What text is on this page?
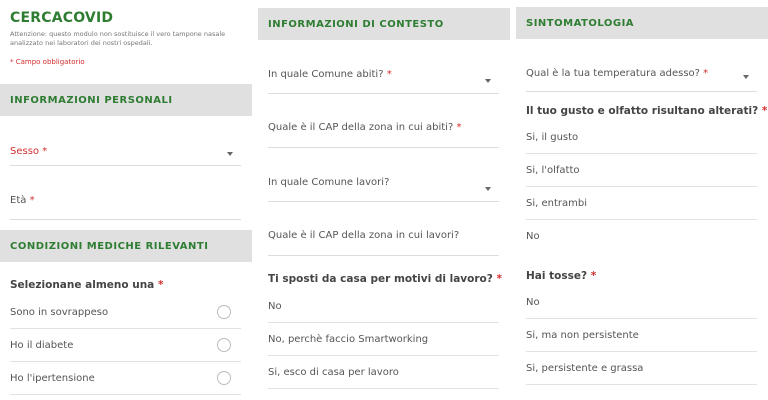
CERCACOVID
Attenzione: questo modulo non sostituisce il vero tampone nasale analizzato nei laboratori dei nostri ospedali.
* Campo obbligatorio
INFORMAZIONI PERSONALI
Sesso *
Età *
CONDIZIONI MEDICHE RILEVANTI
Selezionane almeno una *
Sono in sovrappeso
Ho il diabete
Ho l'ipertensione
INFORMAZIONI DI CONTESTO
In quale Comune abiti? *
Quale è il CAP della zona in cui abiti? *
In quale Comune lavori?
Quale è il CAP della zona in cui lavori?
Ti sposti da casa per motivi di lavoro? *
No
No, perchè faccio Smartworking
Si, esco di casa per lavoro
SINTOMATOLOGIA
Qual è la tua temperatura adesso? *
Il tuo gusto e olfatto risultano alterati? *
Si, il gusto
Si, l'olfatto
Si, entrambi
No
Hai tosse? *
No
Si, ma non persistente
Si, persistente e grassa
